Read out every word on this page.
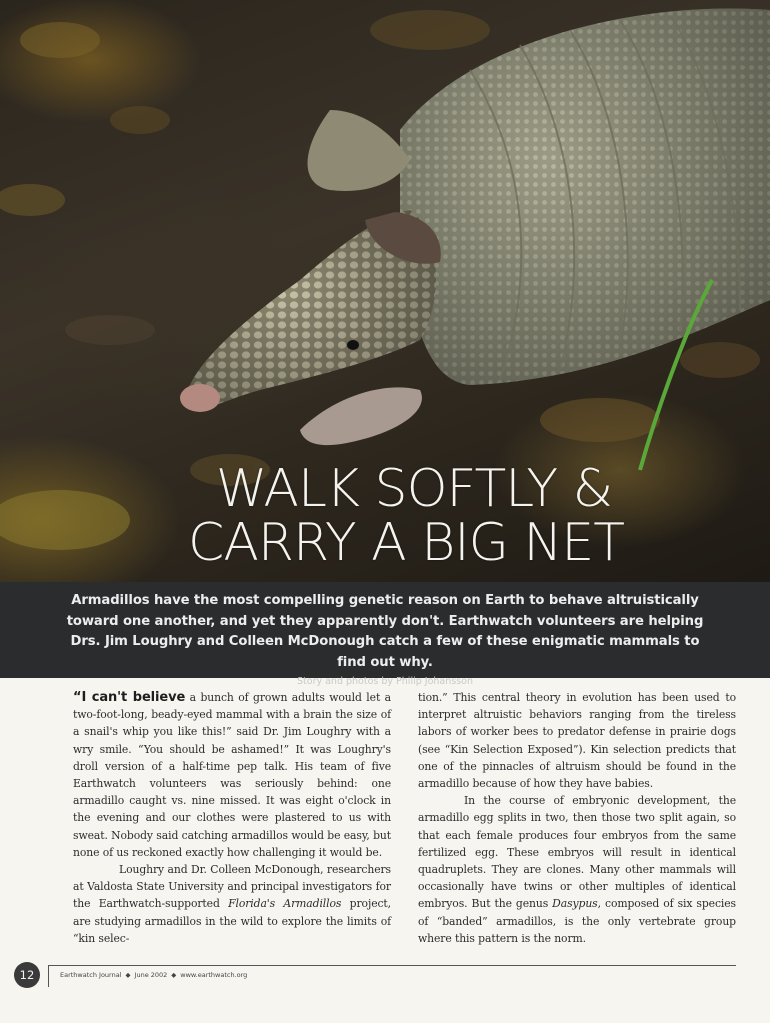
WALK SOFTLY &
CARRY A BIG NET
Armadillos have the most compelling genetic reason on Earth to behave altruistically toward one another, and yet they apparently don't. Earthwatch volunteers are helping Drs. Jim Loughry and Colleen McDonough catch a few of these enigmatic mammals to find out why.
Story and photos by Philip Johansson

“I can't believe a bunch of grown adults would let a two-foot-long, beady-eyed mammal with a brain the size of a snail's whip you like this!” said Dr. Jim Loughry with a wry smile. “You should be ashamed!” It was Loughry's droll version of a half-time pep talk. His team of five Earthwatch volunteers was seriously behind: one armadillo caught vs. nine missed. It was eight o'clock in the evening and our clothes were plastered to us with sweat. Nobody said catching armadillos would be easy, but none of us reckoned exactly how challenging it would be.

Loughry and Dr. Colleen McDonough, researchers at Valdosta State University and principal investigators for the Earthwatch-supported Florida's Armadillos project, are studying armadillos in the wild to explore the limits of “kin selec-

tion.” This central theory in evolution has been used to interpret altruistic behaviors ranging from the tireless labors of worker bees to predator defense in prairie dogs (see “Kin Selection Exposed”). Kin selection predicts that one of the pinnacles of altruism should be found in the armadillo because of how they have babies.

In the course of embryonic development, the armadillo egg splits in two, then those two split again, so that each female produces four embryos from the same fertilized egg. These embryos will result in identical quadruplets. They are clones. Many other mammals will occasionally have twins or other multiples of identical embryos. But the genus Dasypus, composed of six species of “banded” armadillos, is the only vertebrate group where this pattern is the norm.

12	Earthwatch Journal ◆ June 2002 ◆ www.earthwatch.org
